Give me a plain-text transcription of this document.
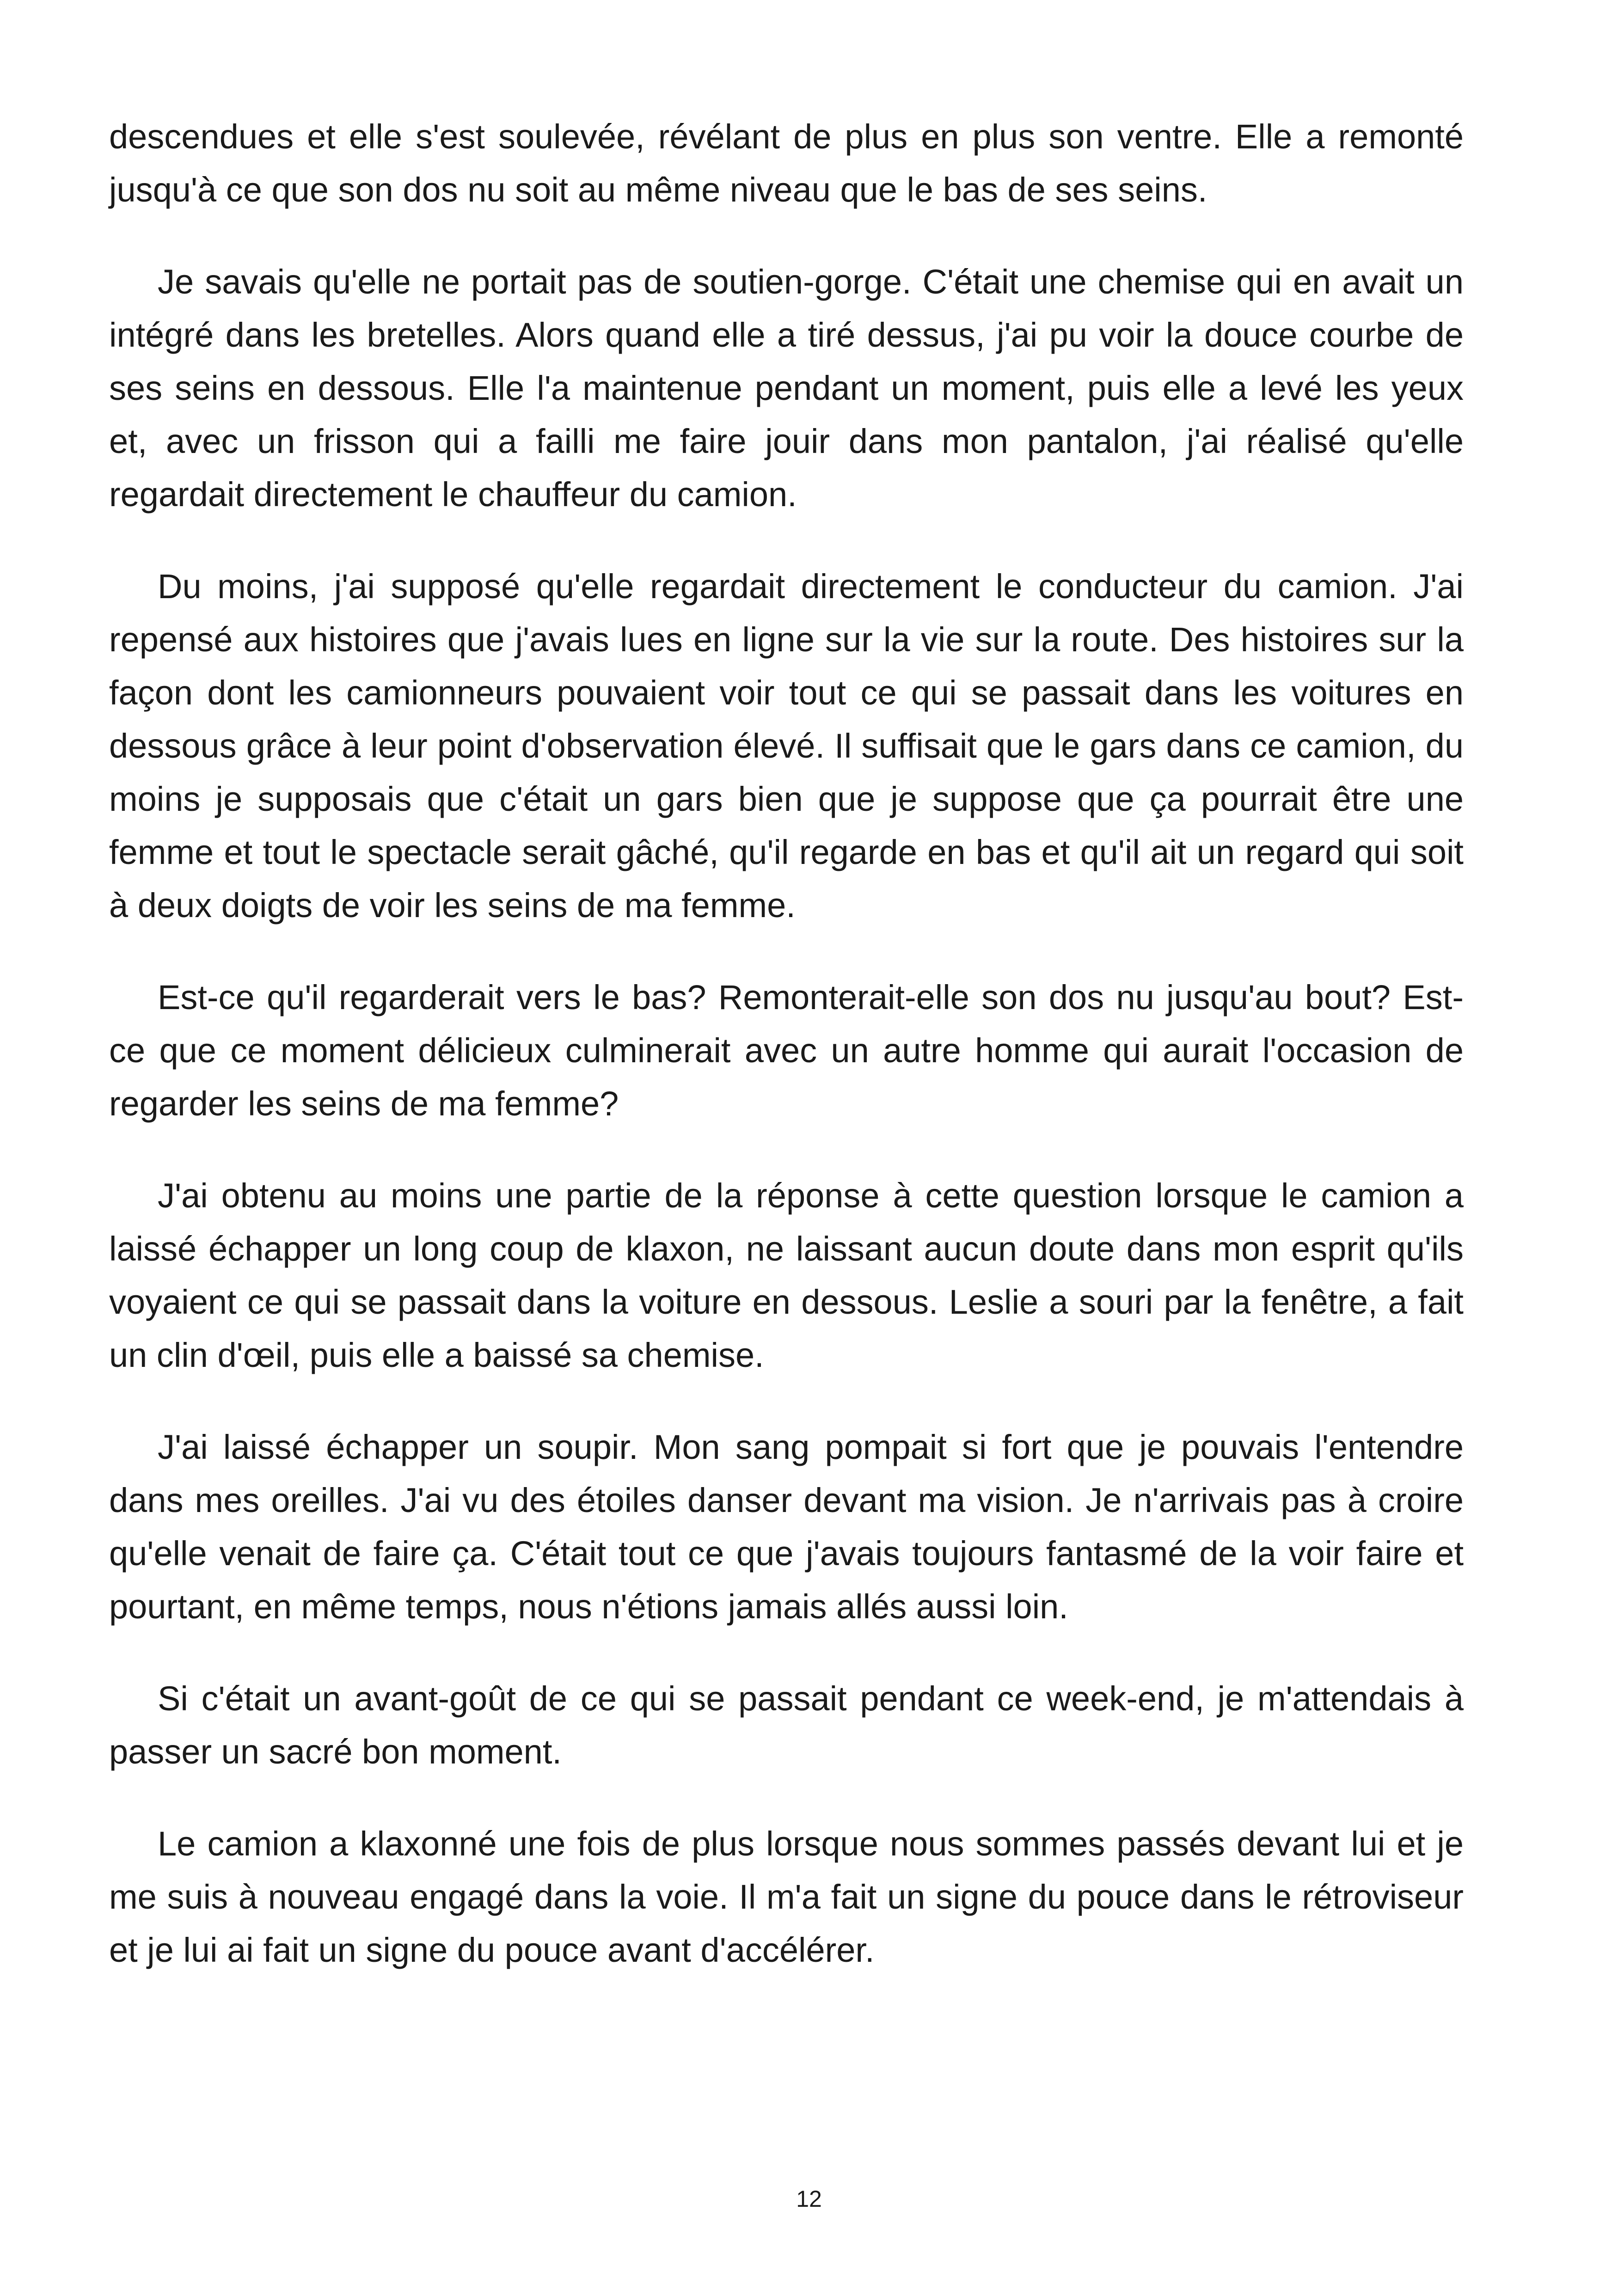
descendues et elle s'est soulevée, révélant de plus en plus son ventre. Elle a remonté jusqu'à ce que son dos nu soit au même niveau que le bas de ses seins.

Je savais qu'elle ne portait pas de soutien-gorge. C'était une chemise qui en avait un intégré dans les bretelles. Alors quand elle a tiré dessus, j'ai pu voir la douce courbe de ses seins en dessous. Elle l'a maintenue pendant un moment, puis elle a levé les yeux et, avec un frisson qui a failli me faire jouir dans mon pantalon, j'ai réalisé qu'elle regardait directement le chauffeur du camion.

Du moins, j'ai supposé qu'elle regardait directement le conducteur du camion. J'ai repensé aux histoires que j'avais lues en ligne sur la vie sur la route. Des histoires sur la façon dont les camionneurs pouvaient voir tout ce qui se passait dans les voitures en dessous grâce à leur point d'observation élevé. Il suffisait que le gars dans ce camion, du moins je supposais que c'était un gars bien que je suppose que ça pourrait être une femme et tout le spectacle serait gâché, qu'il regarde en bas et qu'il ait un regard qui soit à deux doigts de voir les seins de ma femme.

Est-ce qu'il regarderait vers le bas? Remonterait-elle son dos nu jusqu'au bout? Est-ce que ce moment délicieux culminerait avec un autre homme qui aurait l'occasion de regarder les seins de ma femme?

J'ai obtenu au moins une partie de la réponse à cette question lorsque le camion a laissé échapper un long coup de klaxon, ne laissant aucun doute dans mon esprit qu'ils voyaient ce qui se passait dans la voiture en dessous. Leslie a souri par la fenêtre, a fait un clin d'œil, puis elle a baissé sa chemise.

J'ai laissé échapper un soupir. Mon sang pompait si fort que je pouvais l'entendre dans mes oreilles. J'ai vu des étoiles danser devant ma vision. Je n'arrivais pas à croire qu'elle venait de faire ça. C'était tout ce que j'avais toujours fantasmé de la voir faire et pourtant, en même temps, nous n'étions jamais allés aussi loin.

Si c'était un avant-goût de ce qui se passait pendant ce week-end, je m'attendais à passer un sacré bon moment.

Le camion a klaxonné une fois de plus lorsque nous sommes passés devant lui et je me suis à nouveau engagé dans la voie. Il m'a fait un signe du pouce dans le rétroviseur et je lui ai fait un signe du pouce avant d'accélérer.

12
